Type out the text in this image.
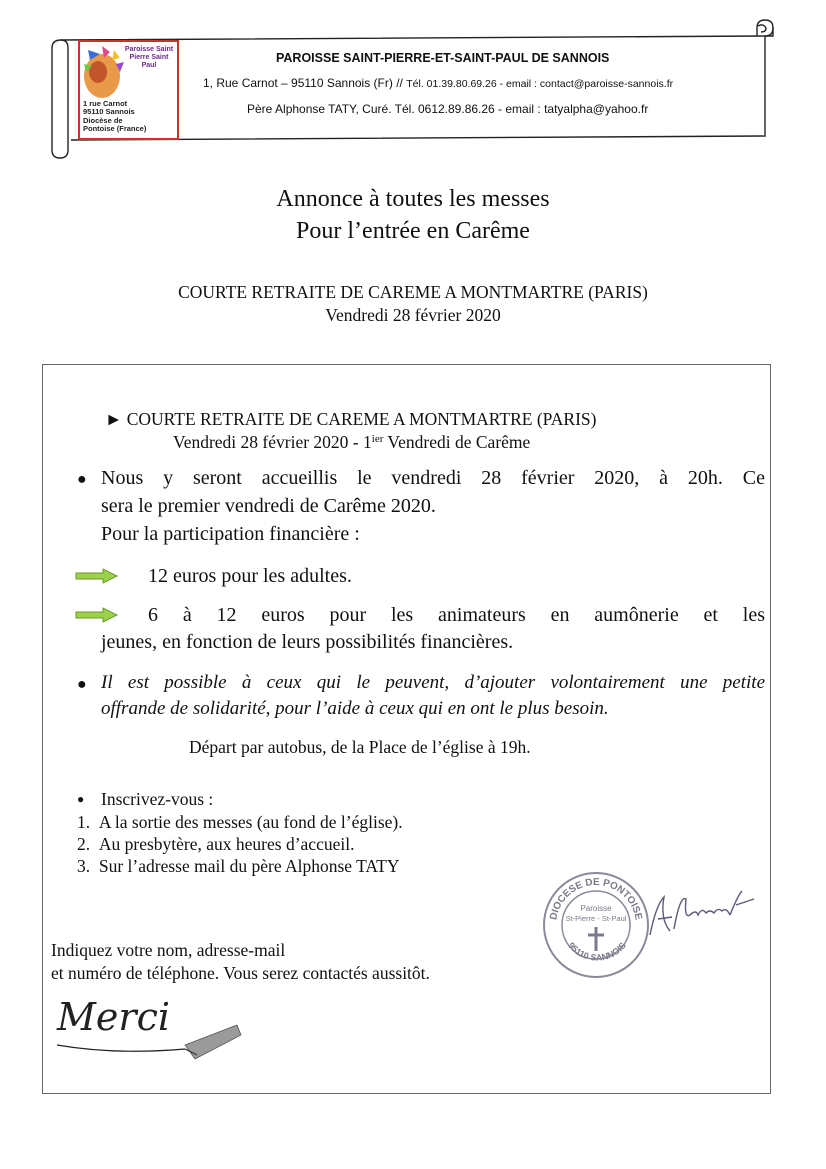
Paroisse Saint Pierre Saint Paul
1 rue Carnot
95110 Sannois
Diocèse de
Pontoise (France)
PAROISSE SAINT-PIERRE-ET-SAINT-PAUL DE SANNOIS
1, Rue Carnot – 95110 Sannois (Fr) // Tél. 01.39.80.69.26 - email : contact@paroisse-sannois.fr
Père Alphonse TATY, Curé. Tél. 0612.89.86.26 - email : tatyalpha@yahoo.fr
Annonce à toutes les messes
Pour l’entrée en Carême
COURTE RETRAITE DE CAREME A MONTMARTRE (PARIS)
Vendredi 28 février 2020
► COURTE RETRAITE DE CAREME A MONTMARTRE (PARIS)
Vendredi 28 février $2020 - 1^{ier}$ Vendredi de Carême
● Nous y seront accueillis le vendredi 28 février 2020, à 20h. Ce
sera le premier vendredi de Carême 2020.
Pour la participation financière :
12 euros pour les adultes.
6 à 12 euros pour les animateurs en aumônerie et les
jeunes, en fonction de leurs possibilités financières.
● Il est possible à ceux qui le peuvent, d’ajouter volontairement une petite
offrande de solidarité, pour l’aide à ceux qui en ont le plus besoin.
Départ par autobus, de la Place de l’église à 19h.
● Inscrivez-vous :
1.  A la sortie des messes (au fond de l’église).
2.  Au presbytère, aux heures d’accueil.
3.  Sur l’adresse mail du père Alphonse TATY
DIOCESE DE PONTOISE
95110 SANNOIS
Paroisse
St-Pierre - St-Paul
Indiquez votre nom, adresse-mail
et numéro de téléphone. Vous serez contactés aussitôt.
Merci
